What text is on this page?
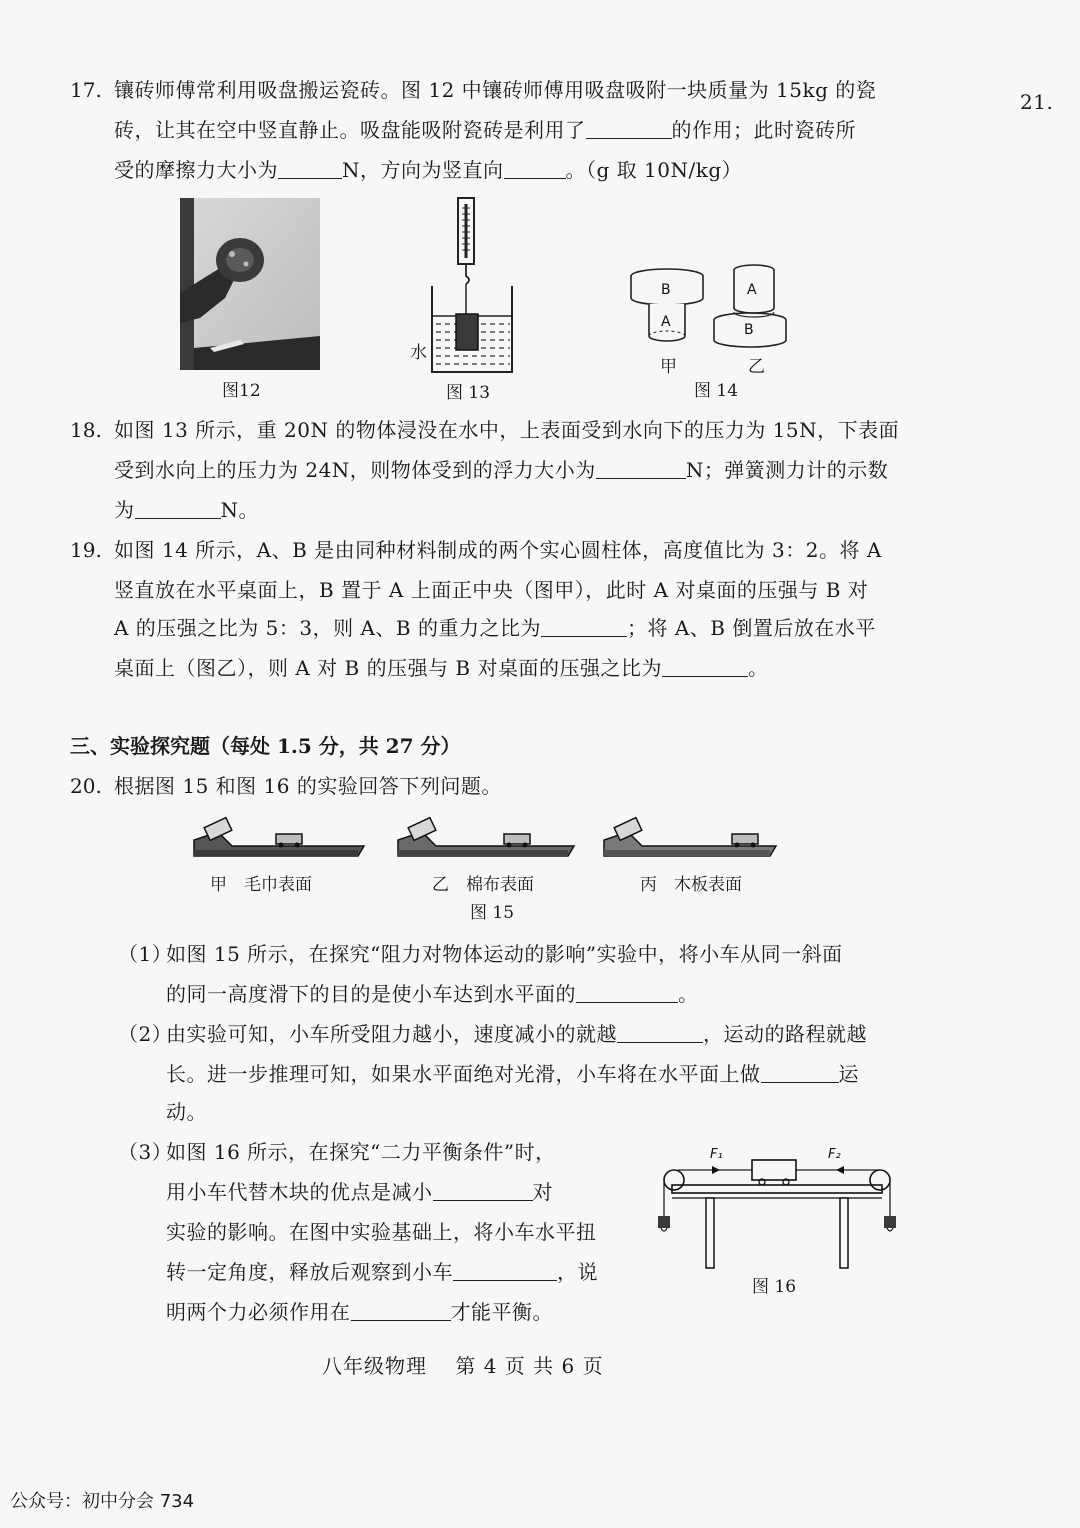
21.
17. 镶砖师傅常利用吸盘搬运瓷砖。图 12 中镶砖师傅用吸盘吸附一块质量为 15kg 的瓷
砖，让其在空中竖直静止。吸盘能吸附瓷砖是利用了	的作用；此时瓷砖所
受的摩擦力大小为	N，方向为竖直向	。（g 取 10N/kg）
图12
水
图 13
B
A
A
B
甲	乙
图 14
18. 如图 13 所示，重 20N 的物体浸没在水中，上表面受到水向下的压力为 15N，下表面
受到水向上的压力为 24N，则物体受到的浮力大小为	N；弹簧测力计的示数
为	N。
19. 如图 14 所示，A、B 是由同种材料制成的两个实心圆柱体，高度值比为 3：2。将 A
竖直放在水平桌面上，B 置于 A 上面正中央（图甲），此时 A 对桌面的压强与 B 对
A 的压强之比为 5：3，则 A、B 的重力之比为	；将 A、B 倒置后放在水平
桌面上（图乙），则 A 对 B 的压强与 B 对桌面的压强之比为	。
三、实验探究题（每处 1.5 分，共 27 分）
20. 根据图 15 和图 16 的实验回答下列问题。
甲　毛巾表面	乙　棉布表面	丙　木板表面
图 15
（1）
如图 15 所示，在探究“阻力对物体运动的影响”实验中，将小车从同一斜面
的同一高度滑下的目的是使小车达到水平面的	。
（2）
由实验可知，小车所受阻力越小，速度减小的就越	，运动的路程就越
长。进一步推理可知，如果水平面绝对光滑，小车将在水平面上做	运
动。
（3）
如图 16 所示，在探究“二力平衡条件”时，
用小车代替木块的优点是减小	对
实验的影响。在图中实验基础上，将小车水平扭
转一定角度，释放后观察到小车	，说
明两个力必须作用在	才能平衡。
F₁	F₂
图 16
八年级物理　 第 4 页 共 6 页
公众号：初中分会 734
